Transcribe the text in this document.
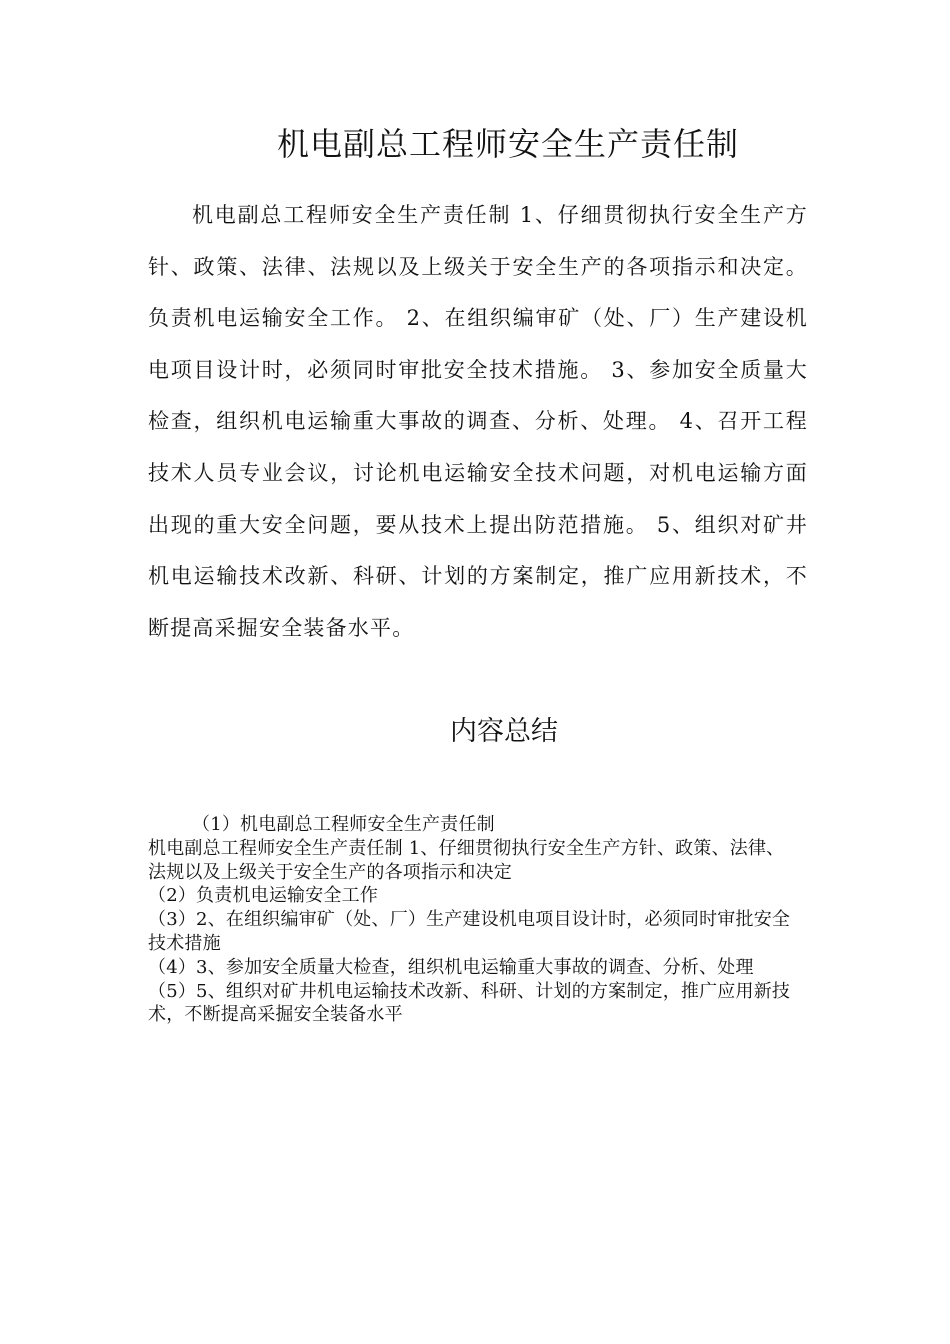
机电副总工程师安全生产责任制

机电副总工程师安全生产责任制 1、仔细贯彻执行安全生产方针、政策、法律、法规以及上级关于安全生产的各项指示和决定。负责机电运输安全工作。 2、在组织编审矿（处、厂）生产建设机电项目设计时，必须同时审批安全技术措施。 3、参加安全质量大检查，组织机电运输重大事故的调查、分析、处理。 4、召开工程技术人员专业会议，讨论机电运输安全技术问题，对机电运输方面出现的重大安全问题，要从技术上提出防范措施。 5、组织对矿井机电运输技术改新、科研、计划的方案制定，推广应用新技术，不断提高采掘安全装备水平。

内容总结

（1）机电副总工程师安全生产责任制

机电副总工程师安全生产责任制 1、仔细贯彻执行安全生产方针、政策、法律、法规以及上级关于安全生产的各项指示和决定

（2）负责机电运输安全工作

（3）2、在组织编审矿（处、厂）生产建设机电项目设计时，必须同时审批安全技术措施

（4）3、参加安全质量大检查，组织机电运输重大事故的调查、分析、处理

（5）5、组织对矿井机电运输技术改新、科研、计划的方案制定，推广应用新技术，不断提高采掘安全装备水平
